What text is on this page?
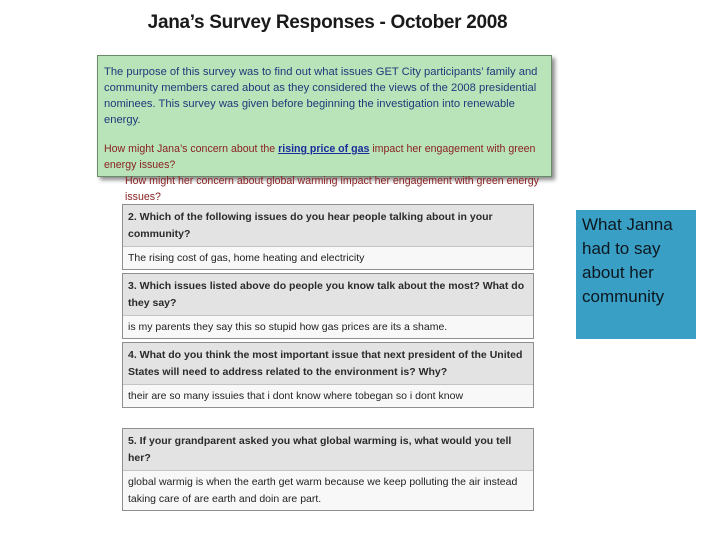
Jana’s Survey Responses - October 2008

The purpose of this survey was to find out what issues GET City participants’ family and community members cared about as they considered the views of the 2008 presidential nominees. This survey was given before beginning the investigation into renewable energy.

How might Jana’s concern about the rising price of gas impact her engagement with green energy issues?

How might her concern about global warming impact her engagement with green energy issues?

2. Which of the following issues do you hear people talking about in your community?
The rising cost of gas, home heating and electricity
3. Which issues listed above do people you know talk about the most? What do they say?
is my parents they say this so stupid how gas prices are its a shame.
4. What do you think the most important issue that next president of the United States will need to address related to the environment is? Why?
their are so many issuies that i dont know where tobegan so i dont know
5. If your grandparent asked you what global warming is, what would you tell her?
global warmig is when the earth get warm because we keep polluting the air instead taking care of are earth and doin are part.
What Janna had to say about her community
